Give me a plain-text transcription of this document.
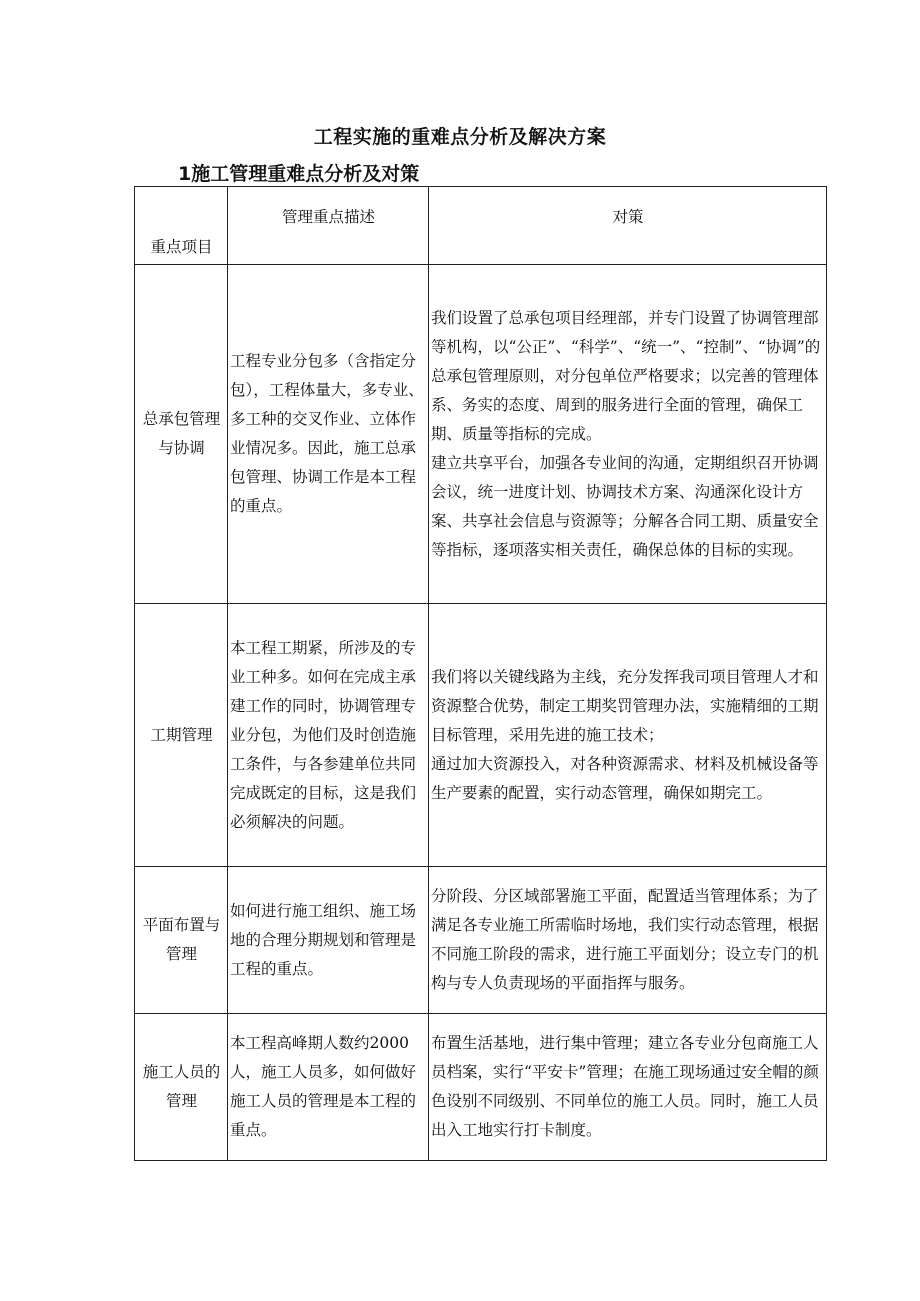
工程实施的重难点分析及解决方案
1施工管理重难点分析及对策
重点项目	管理重点描述	对策
总承包管理与协调	工程专业分包多（含指定分包），工程体量大，多专业、多工种的交叉作业、立体作业情况多。因此，施工总承包管理、协调工作是本工程的重点。	我们设置了总承包项目经理部，并专门设置了协调管理部等机构，以“公正”、“科学”、“统一”、“控制”、“协调”的总承包管理原则，对分包单位严格要求；以完善的管理体系、务实的态度、周到的服务进行全面的管理，确保工期、质量等指标的完成。

建立共享平台，加强各专业间的沟通，定期组织召开协调会议，统一进度计划、协调技术方案、沟通深化设计方案、共享社会信息与资源等；分解各合同工期、质量安全等指标，逐项落实相关责任，确保总体的目标的实现。

工期管理	本工程工期紧，所涉及的专业工种多。如何在完成主承建工作的同时，协调管理专业分包，为他们及时创造施工条件，与各参建单位共同完成既定的目标，这是我们必须解决的问题。	我们将以关键线路为主线，充分发挥我司项目管理人才和资源整合优势，制定工期奖罚管理办法，实施精细的工期目标管理，采用先进的施工技术；

通过加大资源投入，对各种资源需求、材料及机械设备等生产要素的配置，实行动态管理，确保如期完工。

平面布置与管理	如何进行施工组织、施工场地的合理分期规划和管理是工程的重点。	分阶段、分区域部署施工平面，配置适当管理体系；为了满足各专业施工所需临时场地，我们实行动态管理，根据不同施工阶段的需求，进行施工平面划分；设立专门的机构与专人负责现场的平面指挥与服务。

施工人员的管理	本工程高峰期人数约2000人，施工人员多，如何做好施工人员的管理是本工程的重点。	布置生活基地，进行集中管理；建立各专业分包商施工人员档案，实行“平安卡”管理；在施工现场通过安全帽的颜色设别不同级别、不同单位的施工人员。同时，施工人员出入工地实行打卡制度。
